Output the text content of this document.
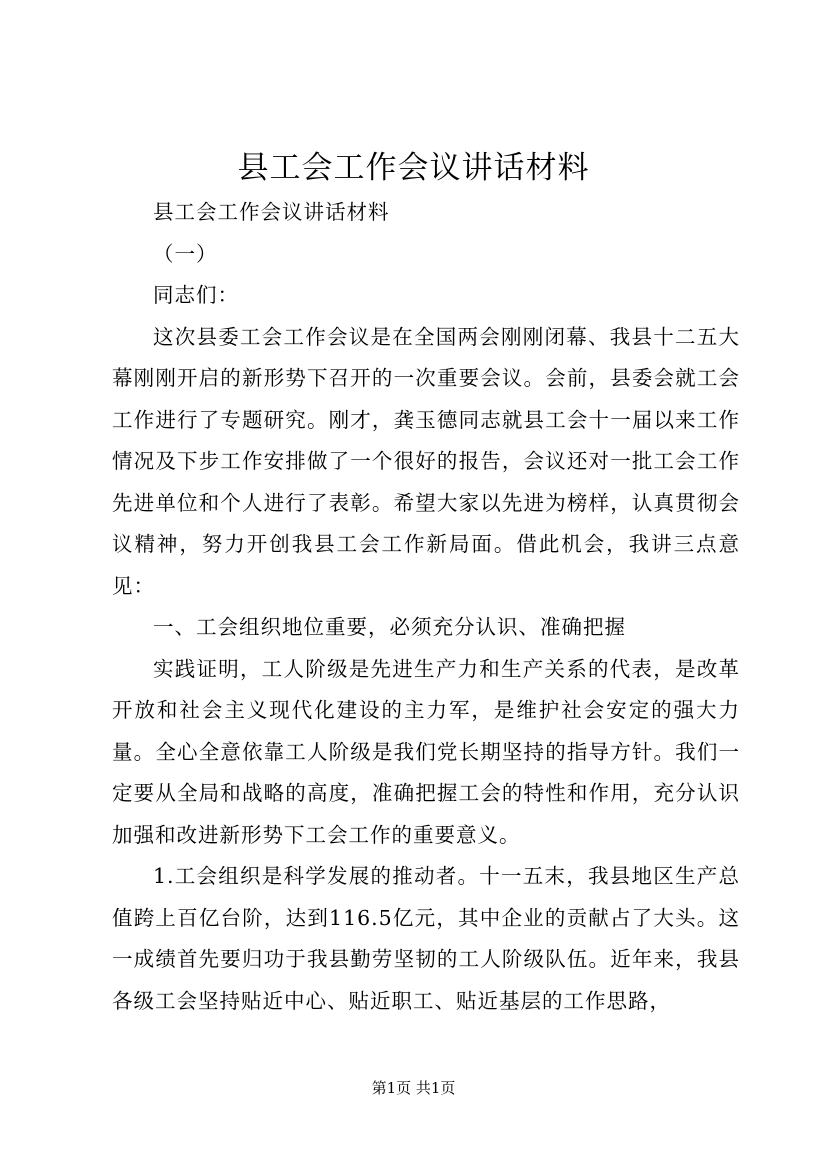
县工会工作会议讲话材料

县工会工作会议讲话材料

（一）

同志们：

这次县委工会工作会议是在全国两会刚刚闭幕、我县十二五大幕刚刚开启的新形势下召开的一次重要会议。会前，县委会就工会工作进行了专题研究。刚才，龚玉德同志就县工会十一届以来工作情况及下步工作安排做了一个很好的报告，会议还对一批工会工作先进单位和个人进行了表彰。希望大家以先进为榜样，认真贯彻会议精神，努力开创我县工会工作新局面。借此机会，我讲三点意见：

一、工会组织地位重要，必须充分认识、准确把握

实践证明，工人阶级是先进生产力和生产关系的代表，是改革开放和社会主义现代化建设的主力军，是维护社会安定的强大力量。全心全意依靠工人阶级是我们党长期坚持的指导方针。我们一定要从全局和战略的高度，准确把握工会的特性和作用，充分认识加强和改进新形势下工会工作的重要意义。

1.工会组织是科学发展的推动者。十一五末，我县地区生产总值跨上百亿台阶，达到116.5亿元，其中企业的贡献占了大头。这一成绩首先要归功于我县勤劳坚韧的工人阶级队伍。近年来，我县各级工会坚持贴近中心、贴近职工、贴近基层的工作思路，

第1页 共1页
